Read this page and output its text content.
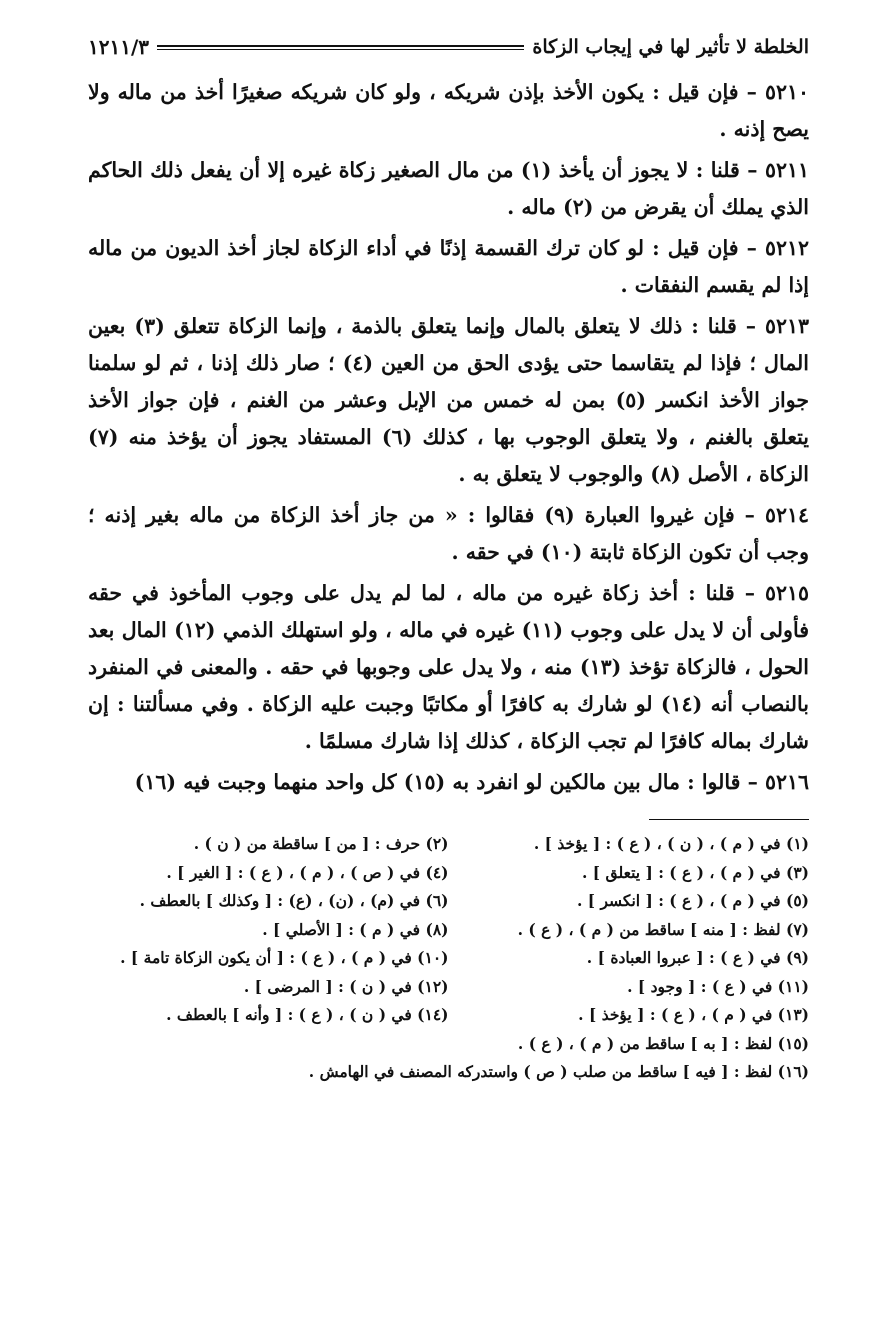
الخلطة لا تأثير لها في إيجاب الزكاة
١٢١١/٣

٥٢١٠ – فإن قيل : يكون الأخذ بإذن شريكه ، ولو كان شريكه صغيرًا أخذ من ماله ولا يصح إذنه .

٥٢١١ – قلنا : لا يجوز أن يأخذ (١) من مال الصغير زكاة غيره إلا أن يفعل ذلك الحاكم الذي يملك أن يقرض من (٢) ماله .

٥٢١٢ – فإن قيل : لو كان ترك القسمة إذنًا في أداء الزكاة لجاز أخذ الديون من ماله إذا لم يقسم النفقات .

٥٢١٣ – قلنا : ذلك لا يتعلق بالمال وإنما يتعلق بالذمة ، وإنما الزكاة تتعلق (٣) بعين المال ؛ فإذا لم يتقاسما حتى يؤدى الحق من العين (٤) ؛ صار ذلك إذنا ، ثم لو سلمنا جواز الأخذ انكسر (٥) بمن له خمس من الإبل وعشر من الغنم ، فإن جواز الأخذ يتعلق بالغنم ، ولا يتعلق الوجوب بها ، كذلك (٦) المستفاد يجوز أن يؤخذ منه (٧) الزكاة ، الأصل (٨) والوجوب لا يتعلق به .

٥٢١٤ – فإن غيروا العبارة (٩) فقالوا : « من جاز أخذ الزكاة من ماله بغير إذنه ؛ وجب أن تكون الزكاة ثابتة (١٠) في حقه .

٥٢١٥ – قلنا : أخذ زكاة غيره من ماله ، لما لم يدل على وجوب المأخوذ في حقه فأولى أن لا يدل على وجوب (١١) غيره في ماله ، ولو استهلك الذمي (١٢) المال بعد الحول ، فالزكاة تؤخذ (١٣) منه ، ولا يدل على وجوبها في حقه . والمعنى في المنفرد بالنصاب أنه (١٤) لو شارك به كافرًا أو مكاتبًا وجبت عليه الزكاة . وفي مسألتنا : إن شارك بماله كافرًا لم تجب الزكاة ، كذلك إذا شارك مسلمًا .

٥٢١٦ – قالوا : مال بين مالكين لو انفرد به (١٥) كل واحد منهما وجبت فيه (١٦)

(١) في ( م ) ، ( ن ) ، ( ع ) : [ يؤخذ ] .
(٢) حرف : [ من ] ساقطة من ( ن ) .
(٣) في ( م ) ، ( ع ) : [ يتعلق ] .
(٤) في ( ص ) ، ( م ) ، ( ع ) : [ الغير ] .
(٥) في ( م ) ، ( ع ) : [ انكسر ] .
(٦) في (م) ، (ن) ، (ع) : [ وكذلك ] بالعطف .
(٧) لفظ : [ منه ] ساقط من ( م ) ، ( ع ) .
(٨) في ( م ) : [ الأصلي ] .
(٩) في ( ع ) : [ عبروا العبادة ] .
(١٠) في ( م ) ، ( ع ) : [ أن يكون الزكاة تامة ] .
(١١) في ( ع ) : [ وجود ] .
(١٢) في ( ن ) : [ المرضى ] .
(١٣) في ( م ) ، ( ع ) : [ يؤخذ ] .
(١٤) في ( ن ) ، ( ع ) : [ وأنه ] بالعطف .
(١٥) لفظ : [ به ] ساقط من ( م ) ، ( ع ) .
(١٦) لفظ : [ فيه ] ساقط من صلب ( ص ) واستدركه المصنف في الهامش .
